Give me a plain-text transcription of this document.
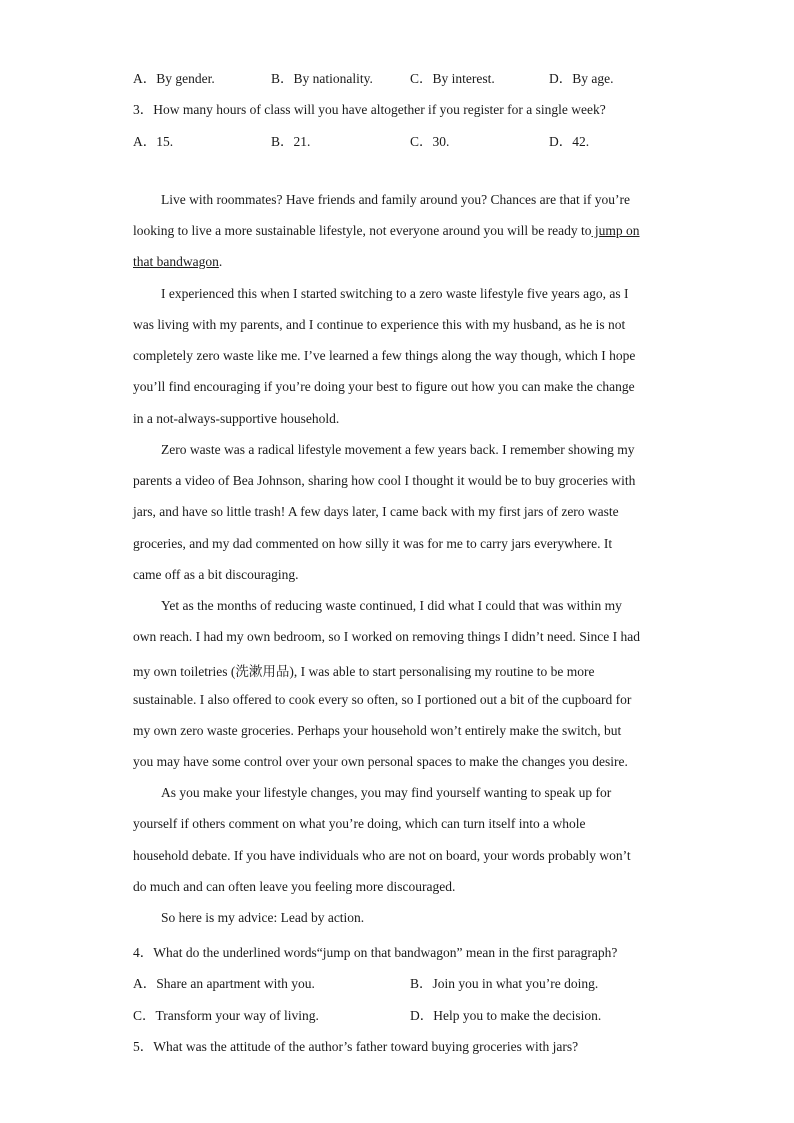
A．By gender.	B．By nationality.	C．By interest.	D．By age.
3．How many hours of class will you have altogether if you register for a single week?
A．15.	B．21.	C．30.	D．42.
Live with roommates? Have friends and family around you? Chances are that if you’re
looking to live a more sustainable lifestyle, not everyone around you will be ready to jump on
that bandwagon.
I experienced this when I started switching to a zero waste lifestyle five years ago, as I
was living with my parents, and I continue to experience this with my husband, as he is not
completely zero waste like me. I’ve learned a few things along the way though, which I hope
you’ll find encouraging if you’re doing your best to figure out how you can make the change
in a not-always-supportive household.
Zero waste was a radical lifestyle movement a few years back. I remember showing my
parents a video of Bea Johnson, sharing how cool I thought it would be to buy groceries with
jars, and have so little trash! A few days later, I came back with my first jars of zero waste
groceries, and my dad commented on how silly it was for me to carry jars everywhere. It
came off as a bit discouraging.
Yet as the months of reducing waste continued, I did what I could that was within my
own reach. I had my own bedroom, so I worked on removing things I didn’t need. Since I had
my own toiletries (洗漱用品), I was able to start personalising my routine to be more
sustainable. I also offered to cook every so often, so I portioned out a bit of the cupboard for
my own zero waste groceries. Perhaps your household won’t entirely make the switch, but
you may have some control over your own personal spaces to make the changes you desire.
As you make your lifestyle changes, you may find yourself wanting to speak up for
yourself if others comment on what you’re doing, which can turn itself into a whole
household debate. If you have individuals who are not on board, your words probably won’t
do much and can often leave you feeling more discouraged.
So here is my advice: Lead by action.
4．What do the underlined words“jump on that bandwagon” mean in the first paragraph?
A．Share an apartment with you.	B．Join you in what you’re doing.
C．Transform your way of living.	D．Help you to make the decision.
5．What was the attitude of the author’s father toward buying groceries with jars?
